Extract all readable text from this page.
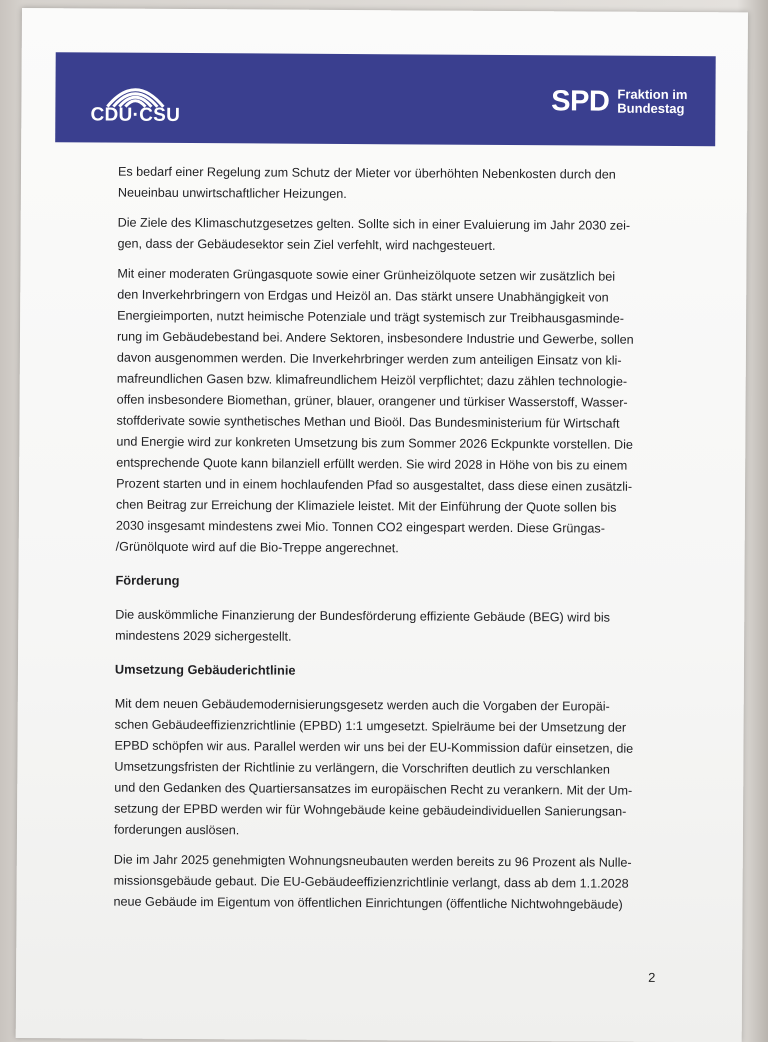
CDU·CSU	SPD Fraktion im
Bundestag

Es bedarf einer Regelung zum Schutz der Mieter vor überhöhten Nebenkosten durch den
Neueinbau unwirtschaftlicher Heizungen.

Die Ziele des Klimaschutzgesetzes gelten. Sollte sich in einer Evaluierung im Jahr 2030 zei-
gen, dass der Gebäudesektor sein Ziel verfehlt, wird nachgesteuert.

Mit einer moderaten Grüngasquote sowie einer Grünheizölquote setzen wir zusätzlich bei
den Inverkehrbringern von Erdgas und Heizöl an. Das stärkt unsere Unabhängigkeit von
Energieimporten, nutzt heimische Potenziale und trägt systemisch zur Treibhausgasminde-
rung im Gebäudebestand bei. Andere Sektoren, insbesondere Industrie und Gewerbe, sollen
davon ausgenommen werden. Die Inverkehrbringer werden zum anteiligen Einsatz von kli-
mafreundlichen Gasen bzw. klimafreundlichem Heizöl verpflichtet; dazu zählen technologie-
offen insbesondere Biomethan, grüner, blauer, orangener und türkiser Wasserstoff, Wasser-
stoffderivate sowie synthetisches Methan und Bioöl. Das Bundesministerium für Wirtschaft
und Energie wird zur konkreten Umsetzung bis zum Sommer 2026 Eckpunkte vorstellen. Die
entsprechende Quote kann bilanziell erfüllt werden. Sie wird 2028 in Höhe von bis zu einem
Prozent starten und in einem hochlaufenden Pfad so ausgestaltet, dass diese einen zusätzli-
chen Beitrag zur Erreichung der Klimaziele leistet. Mit der Einführung der Quote sollen bis
2030 insgesamt mindestens zwei Mio. Tonnen CO2 eingespart werden. Diese Grüngas-
/Grünölquote wird auf die Bio-Treppe angerechnet.

Förderung

Die auskömmliche Finanzierung der Bundesförderung effiziente Gebäude (BEG) wird bis
mindestens 2029 sichergestellt.

Umsetzung Gebäuderichtlinie

Mit dem neuen Gebäudemodernisierungsgesetz werden auch die Vorgaben der Europäi-
schen Gebäudeeffizienzrichtlinie (EPBD) 1:1 umgesetzt. Spielräume bei der Umsetzung der
EPBD schöpfen wir aus. Parallel werden wir uns bei der EU-Kommission dafür einsetzen, die
Umsetzungsfristen der Richtlinie zu verlängern, die Vorschriften deutlich zu verschlanken
und den Gedanken des Quartiersansatzes im europäischen Recht zu verankern. Mit der Um-
setzung der EPBD werden wir für Wohngebäude keine gebäudeindividuellen Sanierungsan-
forderungen auslösen.

Die im Jahr 2025 genehmigten Wohnungsneubauten werden bereits zu 96 Prozent als Nulle-
missionsgebäude gebaut. Die EU-Gebäudeeffizienzrichtlinie verlangt, dass ab dem 1.1.2028
neue Gebäude im Eigentum von öffentlichen Einrichtungen (öffentliche Nichtwohngebäude)

2
